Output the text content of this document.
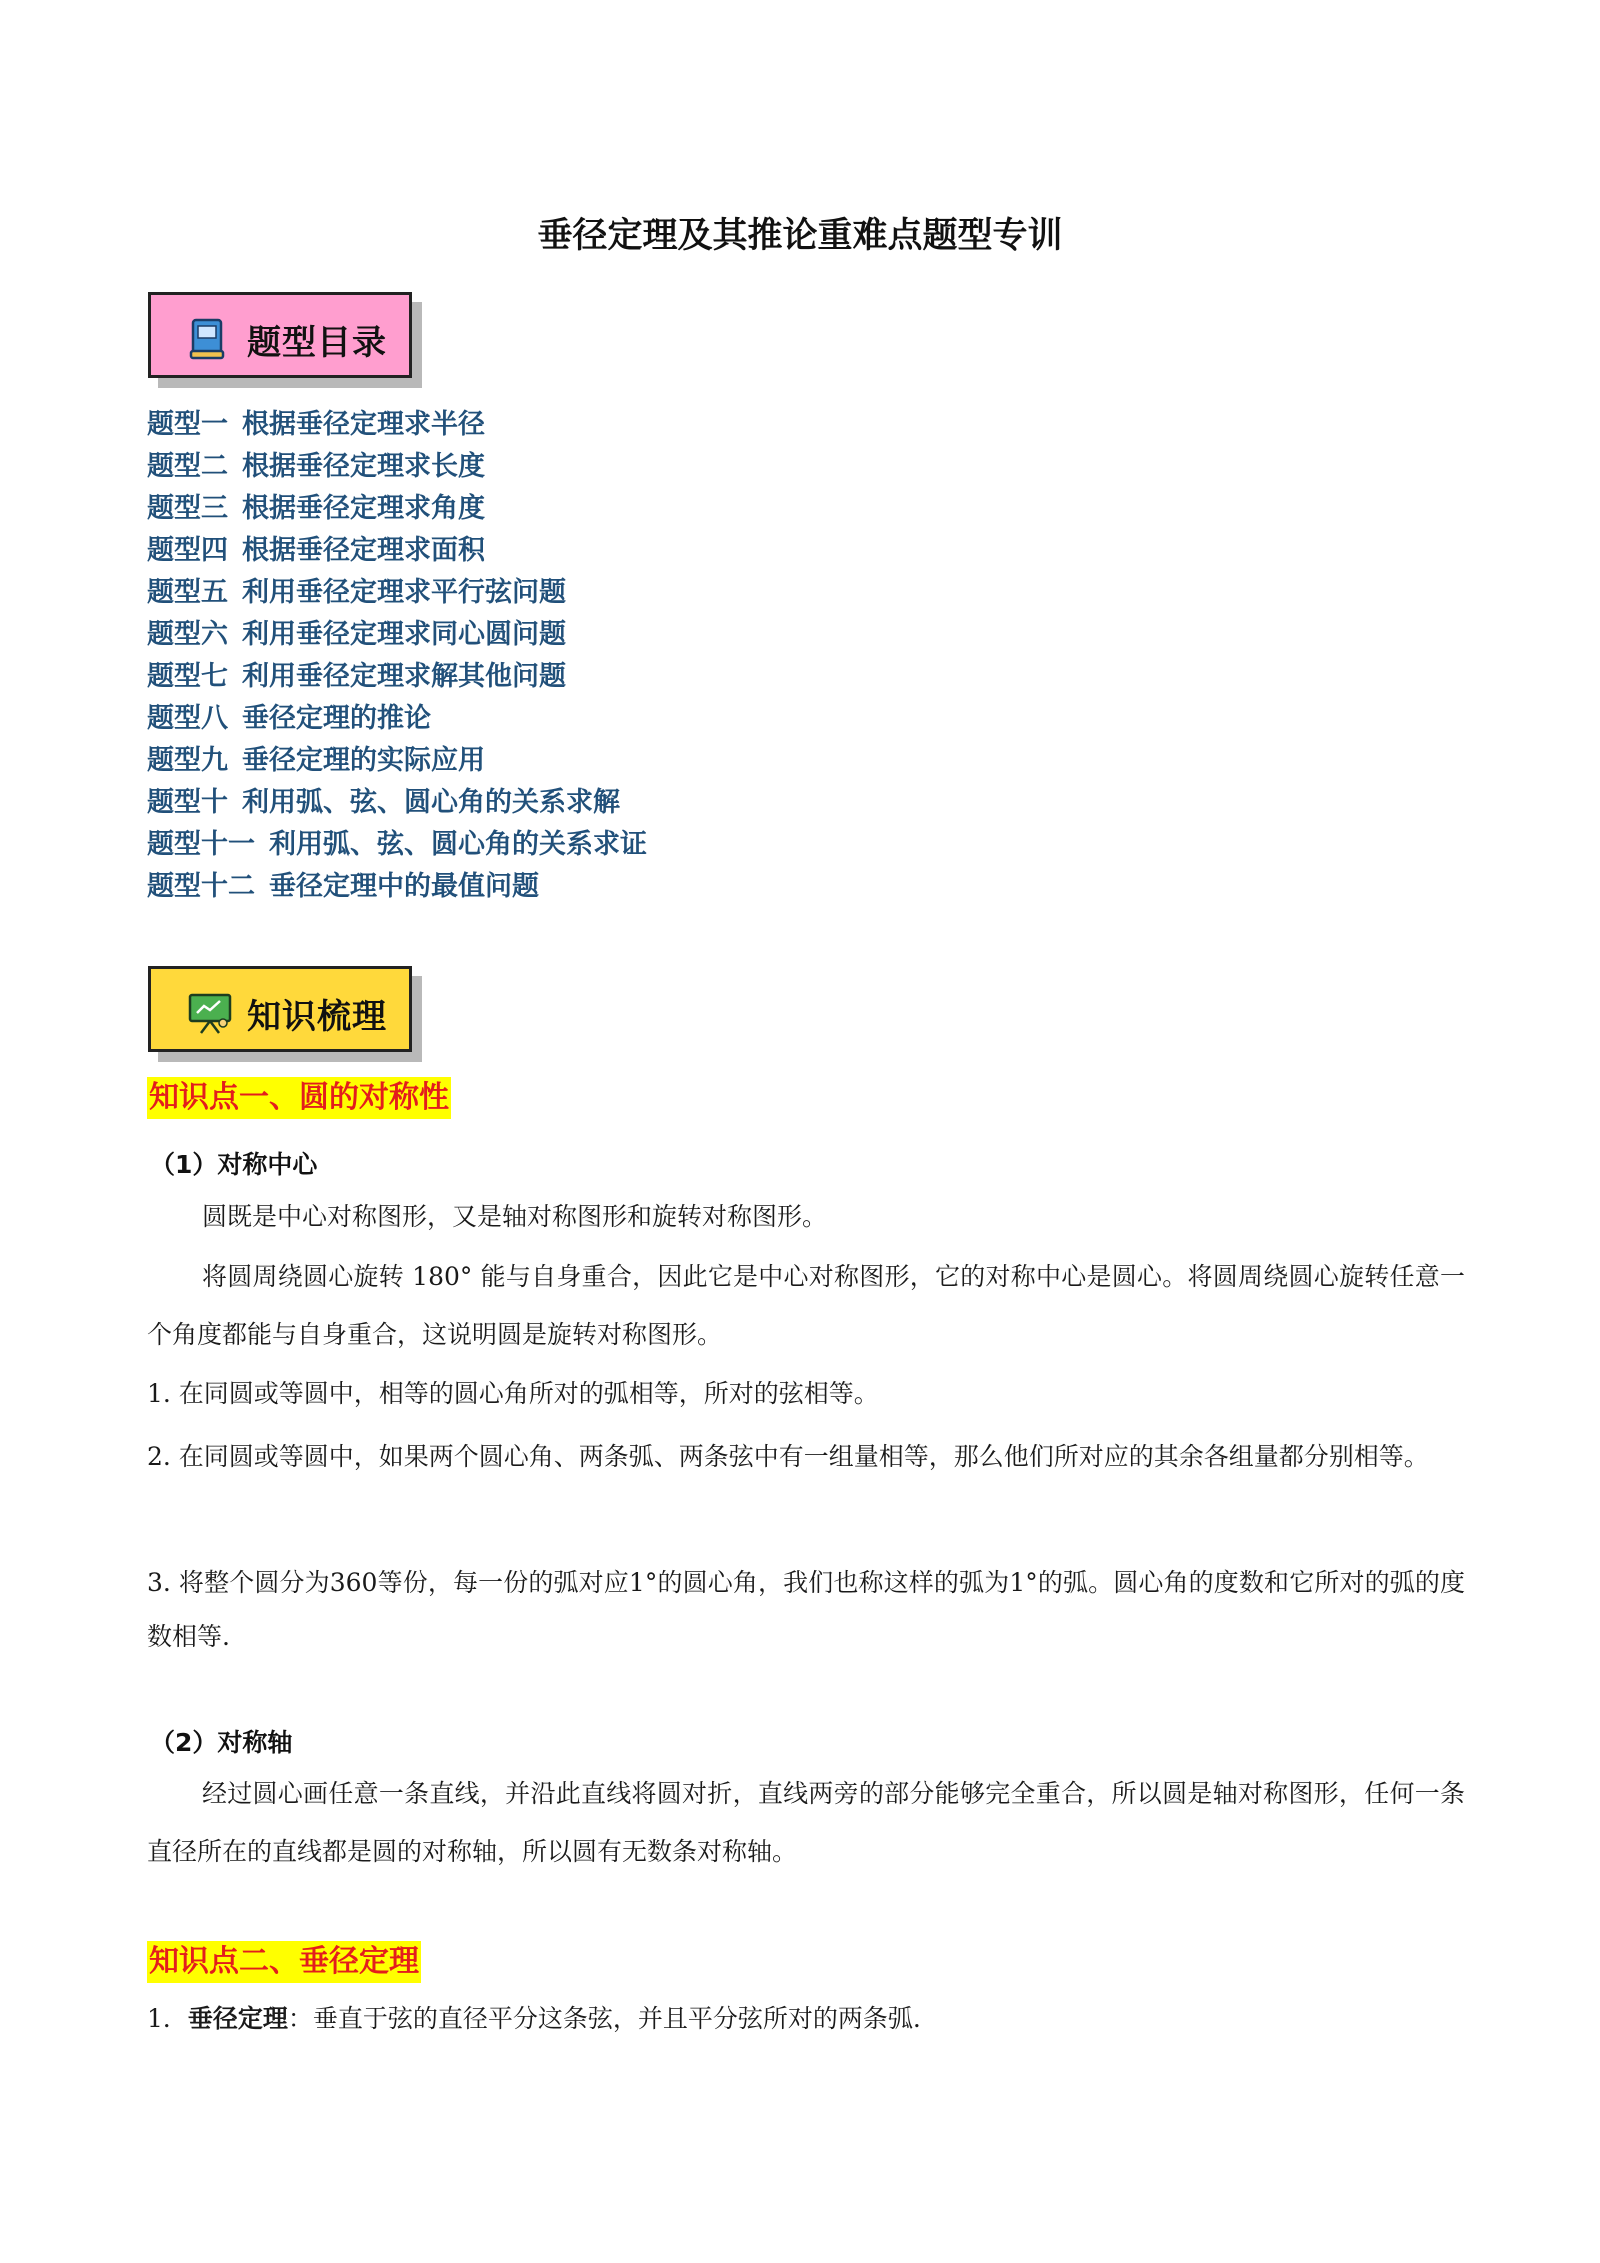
垂径定理及其推论重难点题型专训
题型目录
题型一 根据垂径定理求半径
题型二 根据垂径定理求长度
题型三 根据垂径定理求角度
题型四 根据垂径定理求面积
题型五 利用垂径定理求平行弦问题
题型六 利用垂径定理求同心圆问题
题型七 利用垂径定理求解其他问题
题型八 垂径定理的推论
题型九 垂径定理的实际应用
题型十 利用弧、弦、圆心角的关系求解
题型十一 利用弧、弦、圆心角的关系求证
题型十二 垂径定理中的最值问题
知识梳理
知识点一、圆的对称性
（1）对称中心

圆既是中心对称图形，又是轴对称图形和旋转对称图形。

将圆周绕圆心旋转 180° 能与自身重合，因此它是中心对称图形，它的对称中心是圆心。将圆周绕圆心旋转任意一个角度都能与自身重合，这说明圆是旋转对称图形。

1. 在同圆或等圆中，相等的圆心角所对的弧相等，所对的弦相等。

2. 在同圆或等圆中，如果两个圆心角、两条弧、两条弦中有一组量相等，那么他们所对应的其余各组量都分别相等。

3. 将整个圆分为360等份，每一份的弧对应1°的圆心角，我们也称这样的弧为1°的弧。圆心角的度数和它所对的弧的度数相等.

（2）对称轴

经过圆心画任意一条直线，并沿此直线将圆对折，直线两旁的部分能够完全重合，所以圆是轴对称图形，任何一条直径所在的直线都是圆的对称轴，所以圆有无数条对称轴。

知识点二、垂径定理

1．垂径定理：垂直于弦的直径平分这条弦，并且平分弦所对的两条弧.
